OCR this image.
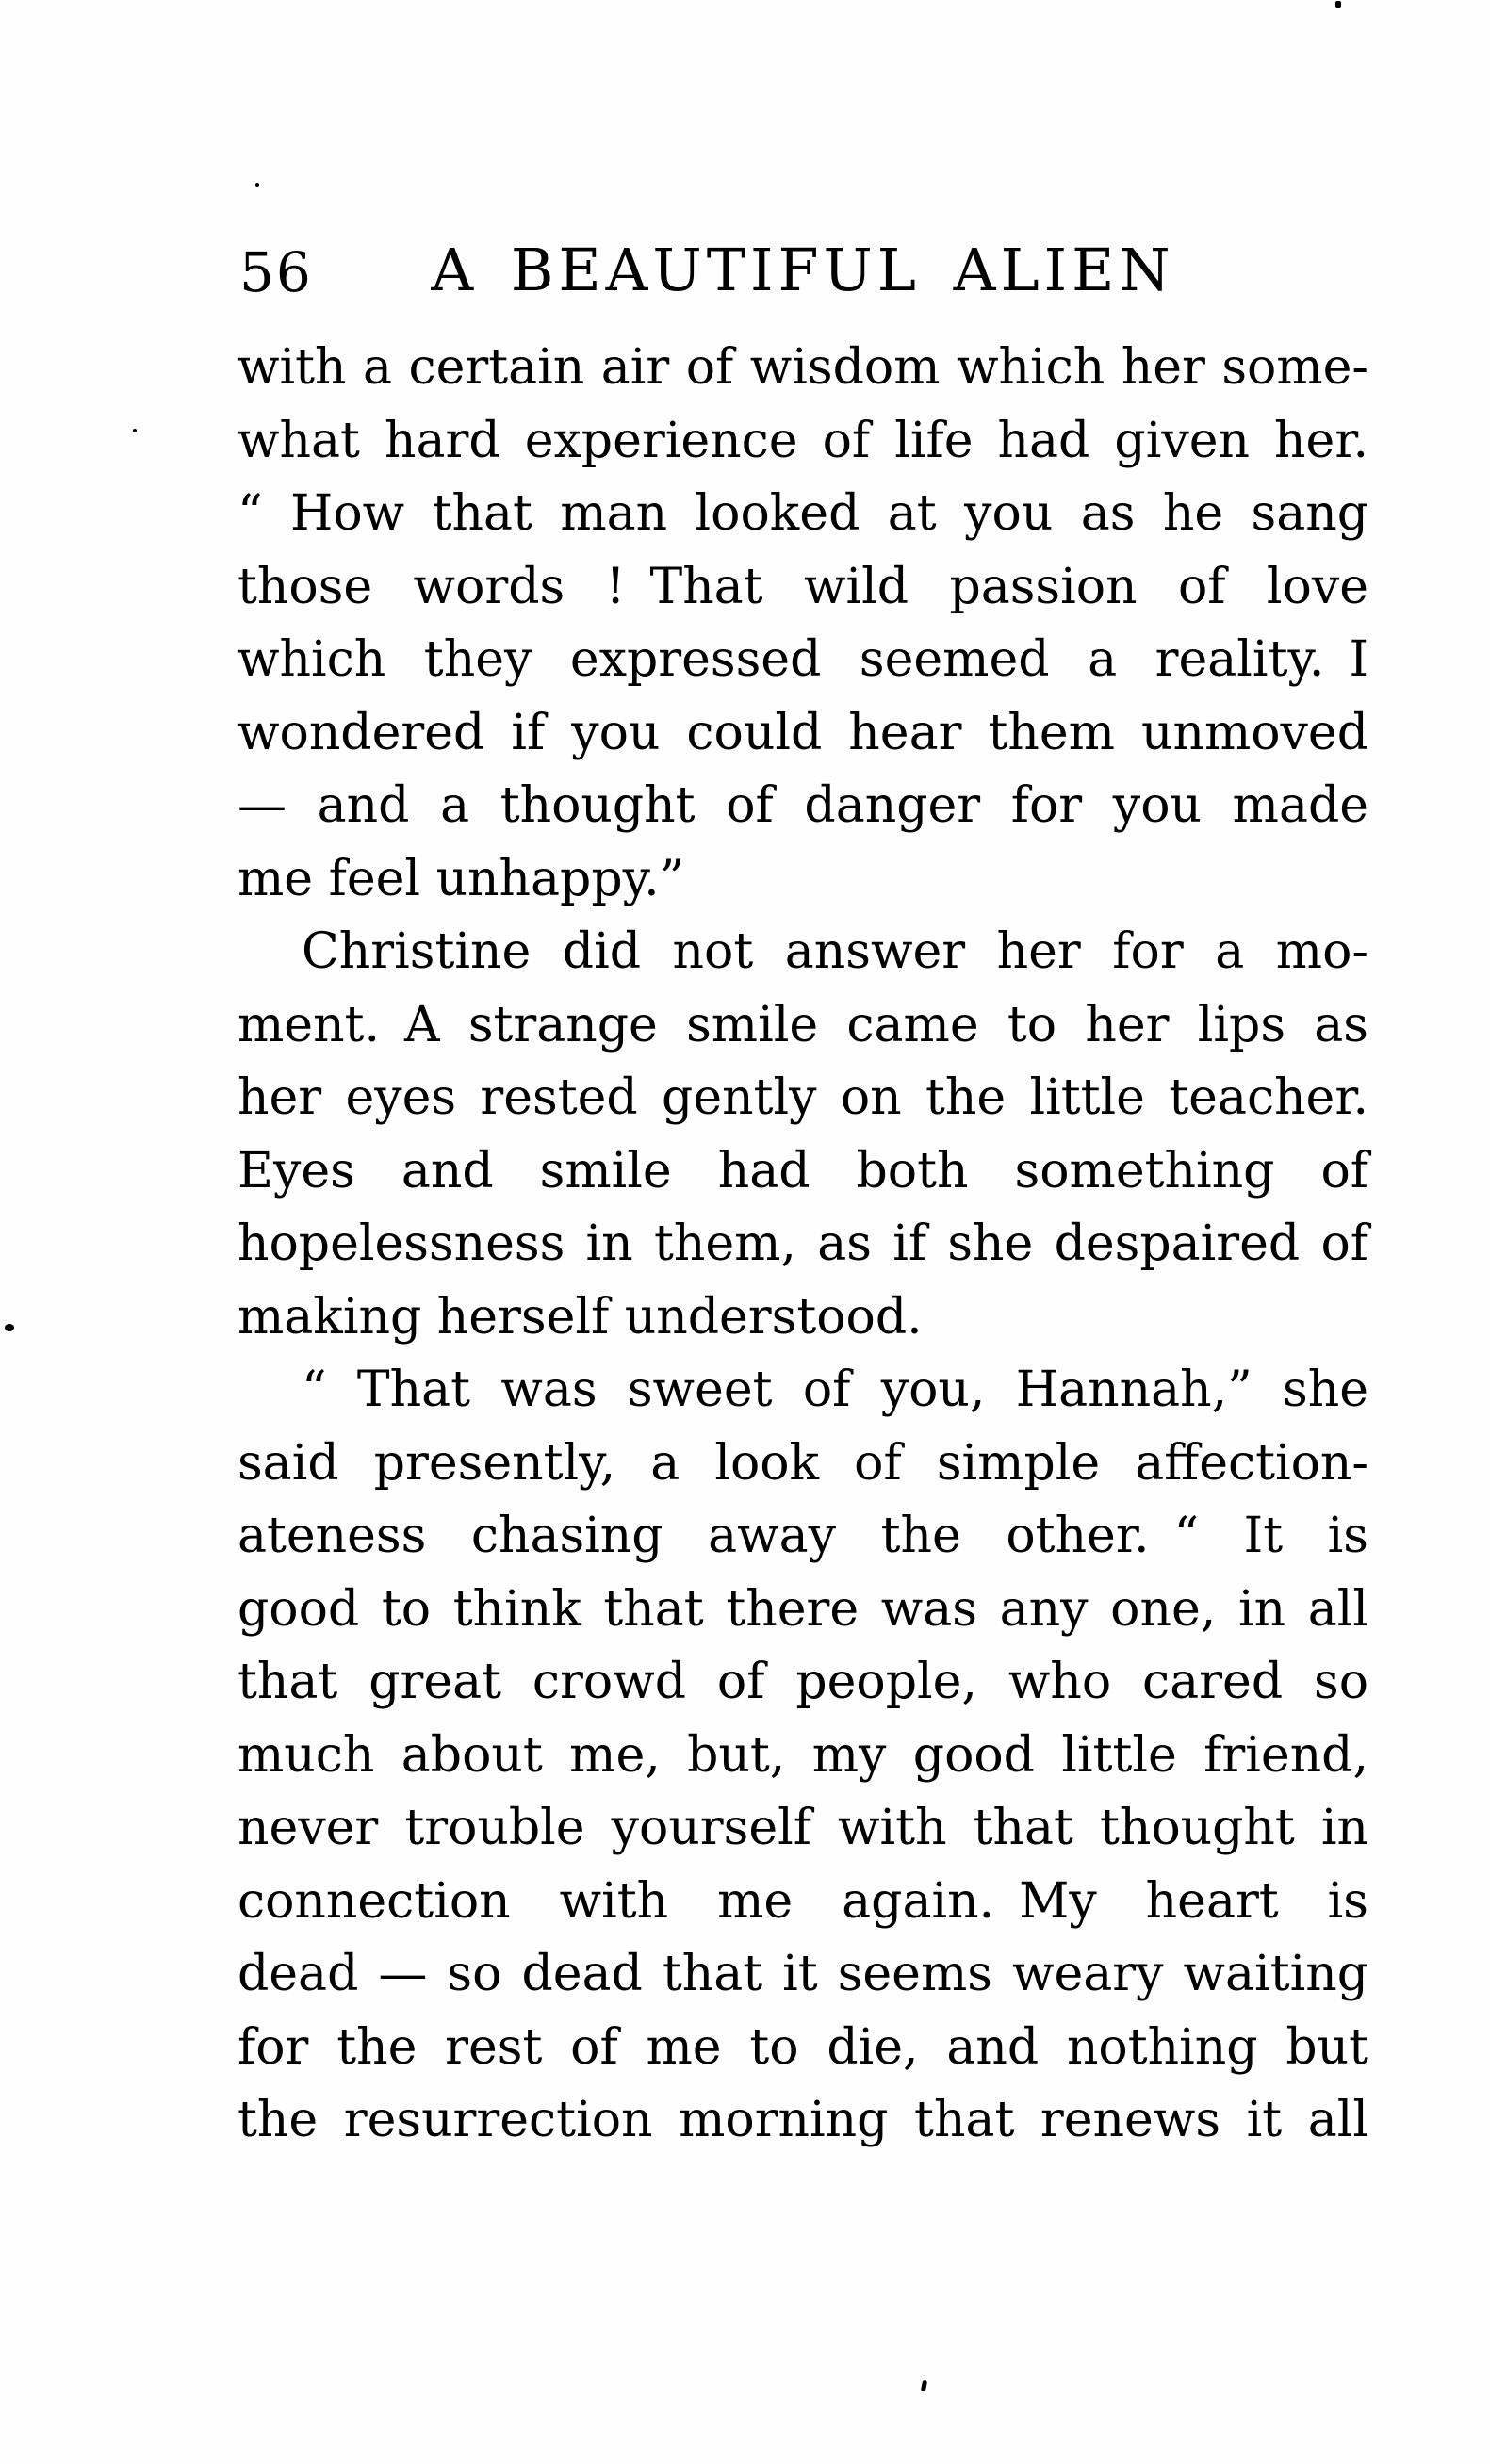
56	A BEAUTIFUL ALIEN
with a certain air of wisdom which her some-
what hard experience of life had given her.
“ How that man looked at you as he sang
those words ! That wild passion of love
which they expressed seemed a reality. I
wondered if you could hear them unmoved
— and a thought of danger for you made
me feel unhappy.”
Christine did not answer her for a mo-
ment. A strange smile came to her lips as
her eyes rested gently on the little teacher.
Eyes and smile had both something of
hopelessness in them, as if she despaired of
making herself understood.
“ That was sweet of you, Hannah,” she
said presently, a look of simple affection-
ateness chasing away the other. “ It is
good to think that there was any one, in all
that great crowd of people, who cared so
much about me, but, my good little friend,
never trouble yourself with that thought in
connection with me again. My heart is
dead — so dead that it seems weary waiting
for the rest of me to die, and nothing but
the resurrection morning that renews it all
